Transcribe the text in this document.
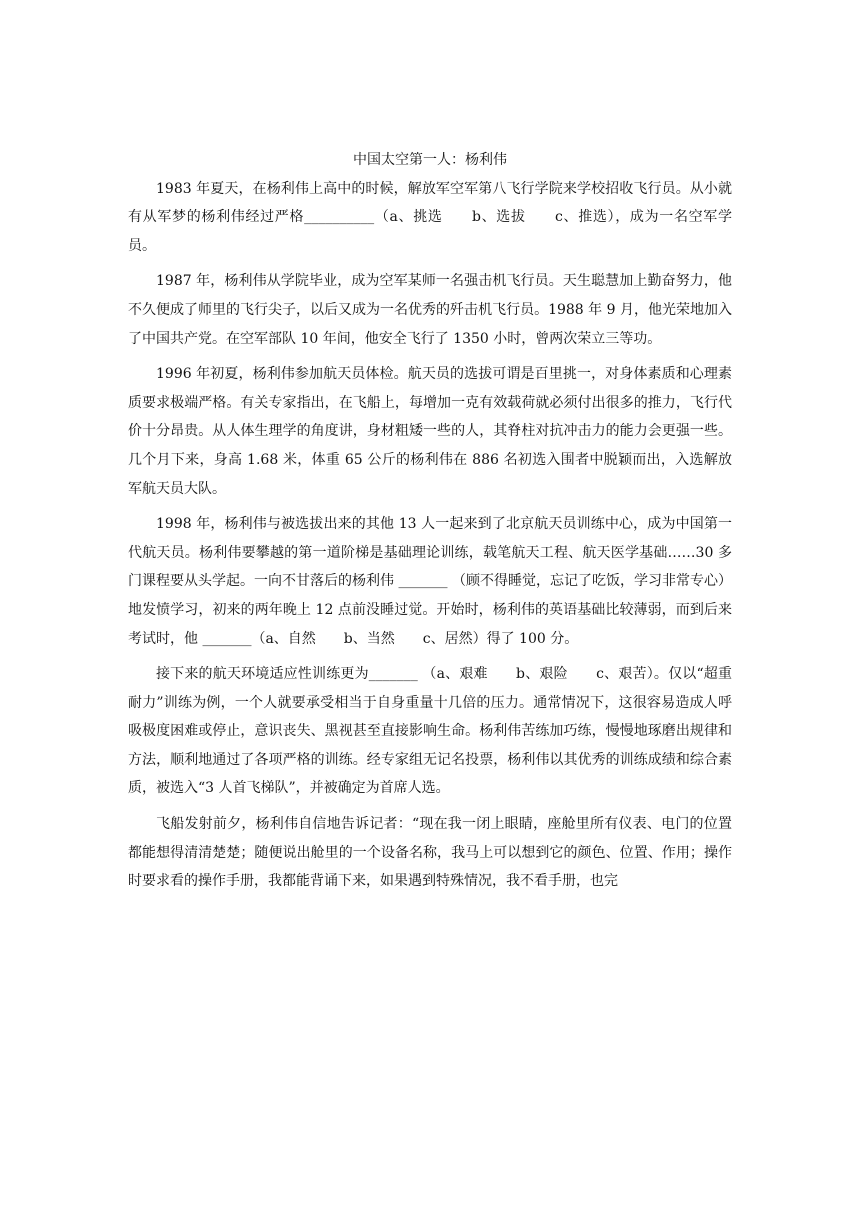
中国太空第一人：杨利伟

1983 年夏天，在杨利伟上高中的时候，解放军空军第八飞行学院来学校招收飞行员。从小就有从军梦的杨利伟经过严格__________（a、挑选　　b、选拔　　c、推选），成为一名空军学员。

1987 年，杨利伟从学院毕业，成为空军某师一名强击机飞行员。天生聪慧加上勤奋努力，他不久便成了师里的飞行尖子，以后又成为一名优秀的歼击机飞行员。1988 年 9 月，他光荣地加入了中国共产党。在空军部队 10 年间，他安全飞行了 1350 小时，曾两次荣立三等功。

1996 年初夏，杨利伟参加航天员体检。航天员的选拔可谓是百里挑一，对身体素质和心理素质要求极端严格。有关专家指出，在飞船上，每增加一克有效载荷就必须付出很多的推力，飞行代价十分昂贵。从人体生理学的角度讲，身材粗矮一些的人，其脊柱对抗冲击力的能力会更强一些。几个月下来，身高 1.68 米，体重 65 公斤的杨利伟在 886 名初选入围者中脱颖而出，入选解放军航天员大队。

1998 年，杨利伟与被选拔出来的其他 13 人一起来到了北京航天员训练中心，成为中国第一代航天员。杨利伟要攀越的第一道阶梯是基础理论训练，载笔航天工程、航天医学基础……30 多门课程要从头学起。一向不甘落后的杨利伟 _______ （顾不得睡觉，忘记了吃饭，学习非常专心）地发愤学习，初来的两年晚上 12 点前没睡过觉。开始时，杨利伟的英语基础比较薄弱，而到后来考试时，他 _______（a、自然　　b、当然　　c、居然）得了 100 分。

接下来的航天环境适应性训练更为_______ （a、艰难　　b、艰险　　c、艰苦）。仅以“超重耐力”训练为例，一个人就要承受相当于自身重量十几倍的压力。通常情况下，这很容易造成人呼吸极度困难或停止，意识丧失、黑视甚至直接影响生命。杨利伟苦练加巧练，慢慢地琢磨出规律和方法，顺利地通过了各项严格的训练。经专家组无记名投票，杨利伟以其优秀的训练成绩和综合素质，被选入“3 人首飞梯队”，并被确定为首席人选。

飞船发射前夕，杨利伟自信地告诉记者：“现在我一闭上眼睛，座舱里所有仪表、电门的位置都能想得清清楚楚；随便说出舱里的一个设备名称，我马上可以想到它的颜色、位置、作用；操作时要求看的操作手册，我都能背诵下来，如果遇到特殊情况，我不看手册，也完
